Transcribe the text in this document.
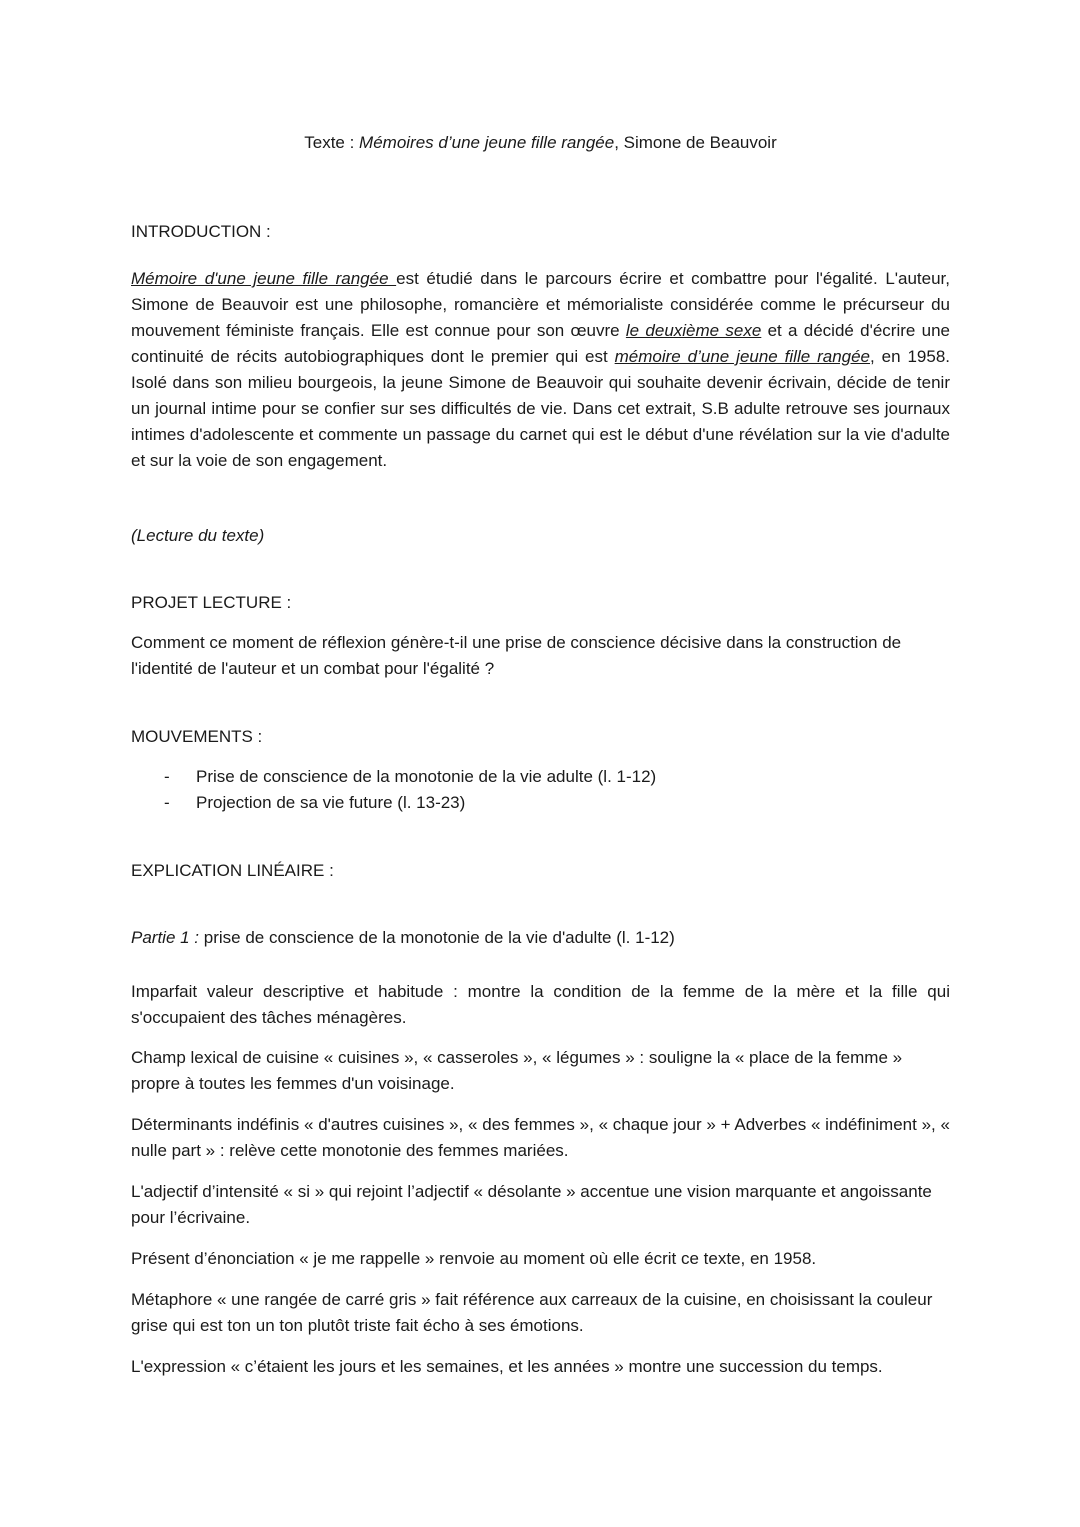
Texte : Mémoires d’une jeune fille rangée, Simone de Beauvoir
INTRODUCTION :
Mémoire d'une jeune fille rangée est étudié dans le parcours écrire et combattre pour l'égalité. L'auteur, Simone de Beauvoir est une philosophe, romancière et mémorialiste considérée comme le précurseur du mouvement féministe français. Elle est connue pour son œuvre le deuxième sexe et a décidé d'écrire une continuité de récits autobiographiques dont le premier qui est mémoire d’une jeune fille rangée, en 1958. Isolé dans son milieu bourgeois, la jeune Simone de Beauvoir qui souhaite devenir écrivain, décide de tenir un journal intime pour se confier sur ses difficultés de vie. Dans cet extrait, S.B adulte retrouve ses journaux intimes d'adolescente et commente un passage du carnet qui est le début d'une révélation sur la vie d'adulte et sur la voie de son engagement.
(Lecture du texte)
PROJET LECTURE :
Comment ce moment de réflexion génère-t-il une prise de conscience décisive dans la construction de l'identité de l'auteur et un combat pour l'égalité ?
MOUVEMENTS :
- Prise de conscience de la monotonie de la vie adulte (l. 1-12)
- Projection de sa vie future (l. 13-23)
EXPLICATION LINÉAIRE :
Partie 1 : prise de conscience de la monotonie de la vie d'adulte (l. 1-12)
Imparfait valeur descriptive et habitude : montre la condition de la femme de la mère et la fille qui s'occupaient des tâches ménagères.
Champ lexical de cuisine « cuisines », « casseroles », « légumes » : souligne la « place de la femme » propre à toutes les femmes d'un voisinage.
Déterminants indéfinis « d'autres cuisines », « des femmes », « chaque jour » + Adverbes « indéfiniment », « nulle part » : relève cette monotonie des femmes mariées.
L'adjectif d’intensité « si » qui rejoint l’adjectif « désolante » accentue une vision marquante et angoissante pour l’écrivaine.
Présent d’énonciation « je me rappelle » renvoie au moment où elle écrit ce texte, en 1958.
Métaphore « une rangée de carré gris » fait référence aux carreaux de la cuisine, en choisissant la couleur grise qui est ton un ton plutôt triste fait écho à ses émotions.
L'expression « c’étaient les jours et les semaines, et les années » montre une succession du temps.
